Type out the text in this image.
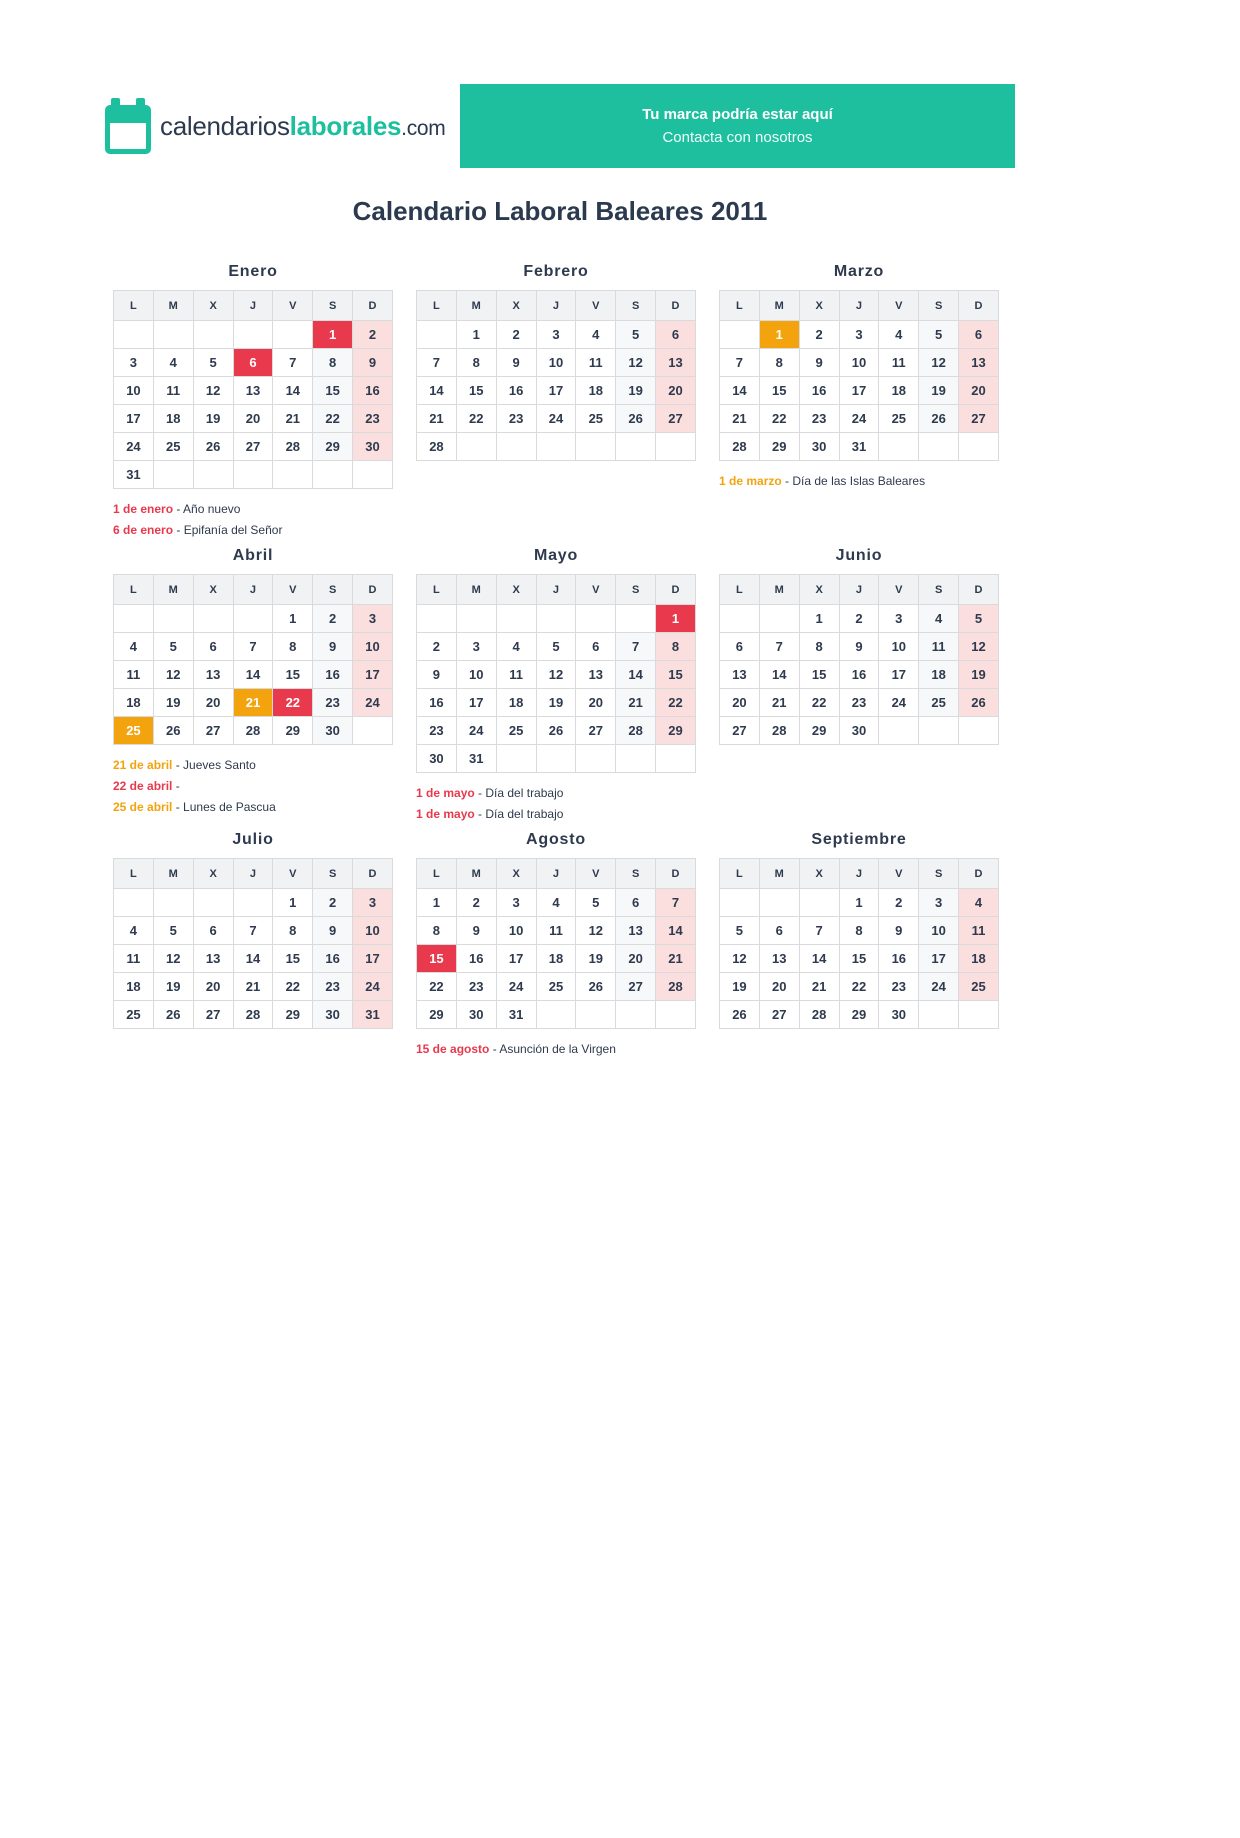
calendarioslaborales.com
Tu marca podría estar aquí
Contacta con nosotros
Calendario Laboral Baleares 2011
Enero
L	M	X	J	V	S	D
					1	2
3	4	5	6	7	8	9
10	11	12	13	14	15	16
17	18	19	20	21	22	23
24	25	26	27	28	29	30
31						
1 de enero - Año nuevo
6 de enero - Epifanía del Señor
Febrero
L	M	X	J	V	S	D
	1	2	3	4	5	6
7	8	9	10	11	12	13
14	15	16	17	18	19	20
21	22	23	24	25	26	27
28						
Marzo
L	M	X	J	V	S	D
	1	2	3	4	5	6
7	8	9	10	11	12	13
14	15	16	17	18	19	20
21	22	23	24	25	26	27
28	29	30	31			
1 de marzo - Día de las Islas Baleares
Abril
L	M	X	J	V	S	D
				1	2	3
4	5	6	7	8	9	10
11	12	13	14	15	16	17
18	19	20	21	22	23	24
25	26	27	28	29	30	
21 de abril - Jueves Santo
22 de abril -
25 de abril - Lunes de Pascua
Mayo
L	M	X	J	V	S	D
						1
2	3	4	5	6	7	8
9	10	11	12	13	14	15
16	17	18	19	20	21	22
23	24	25	26	27	28	29
30	31					
1 de mayo - Día del trabajo
1 de mayo - Día del trabajo
Junio
L	M	X	J	V	S	D
		1	2	3	4	5
6	7	8	9	10	11	12
13	14	15	16	17	18	19
20	21	22	23	24	25	26
27	28	29	30			
Julio
L	M	X	J	V	S	D
				1	2	3
4	5	6	7	8	9	10
11	12	13	14	15	16	17
18	19	20	21	22	23	24
25	26	27	28	29	30	31
Agosto
L	M	X	J	V	S	D
1	2	3	4	5	6	7
8	9	10	11	12	13	14
15	16	17	18	19	20	21
22	23	24	25	26	27	28
29	30	31				
15 de agosto - Asunción de la Virgen
Septiembre
L	M	X	J	V	S	D
			1	2	3	4
5	6	7	8	9	10	11
12	13	14	15	16	17	18
19	20	21	22	23	24	25
26	27	28	29	30		
